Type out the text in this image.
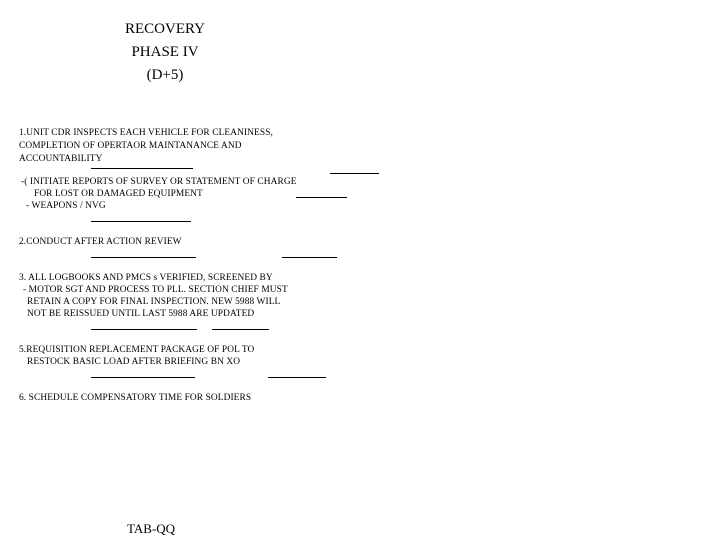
RECOVERY
PHASE IV
(D+5)
1.UNIT CDR INSPECTS EACH VEHICLE FOR CLEANINESS,
COMPLETION OF OPERTAOR MAINTANANCE AND
ACCOUNTABILITY
-( INITIATE REPORTS OF SURVEY OR STATEMENT OF CHARGE
FOR LOST OR DAMAGED EQUIPMENT
- WEAPONS / NVG
2.CONDUCT AFTER ACTION REVIEW
3. ALL LOGBOOKS AND PMCS s VERIFIED, SCREENED BY
- MOTOR SGT AND PROCESS TO PLL. SECTION CHIEF MUST
RETAIN A COPY FOR FINAL INSPECTION. NEW 5988 WILL
NOT BE REISSUED UNTIL LAST 5988 ARE UPDATED
5.REQUISITION REPLACEMENT PACKAGE OF POL TO
RESTOCK BASIC LOAD AFTER BRIEFING BN XO
6. SCHEDULE COMPENSATORY TIME FOR SOLDIERS
TAB-QQ
